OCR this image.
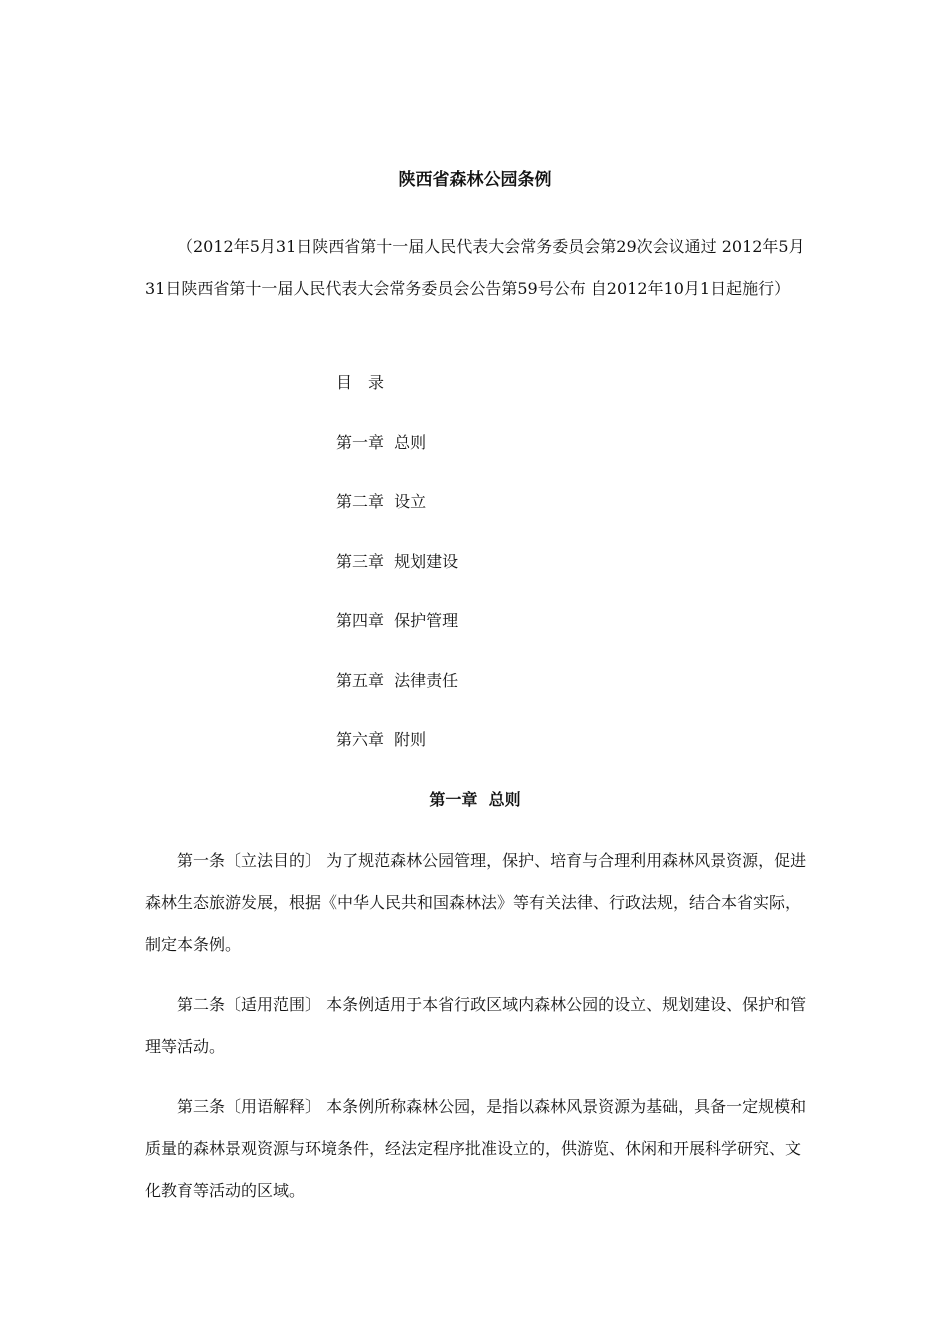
陕西省森林公园条例

（2012年5月31日陕西省第十一届人民代表大会常务委员会第29次会议通过 2012年5月31日陕西省第十一届人民代表大会常务委员会公告第59号公布 自2012年10月1日起施行）

目录
第一章  总则
第二章  设立
第三章  规划建设
第四章  保护管理
第五章  法律责任
第六章  附则
第一章  总则

第一条〔立法目的〕 为了规范森林公园管理，保护、培育与合理利用森林风景资源，促进森林生态旅游发展，根据《中华人民共和国森林法》等有关法律、行政法规，结合本省实际，制定本条例。

第二条〔适用范围〕 本条例适用于本省行政区域内森林公园的设立、规划建设、保护和管理等活动。

第三条〔用语解释〕 本条例所称森林公园，是指以森林风景资源为基础，具备一定规模和质量的森林景观资源与环境条件，经法定程序批准设立的，供游览、休闲和开展科学研究、文化教育等活动的区域。
